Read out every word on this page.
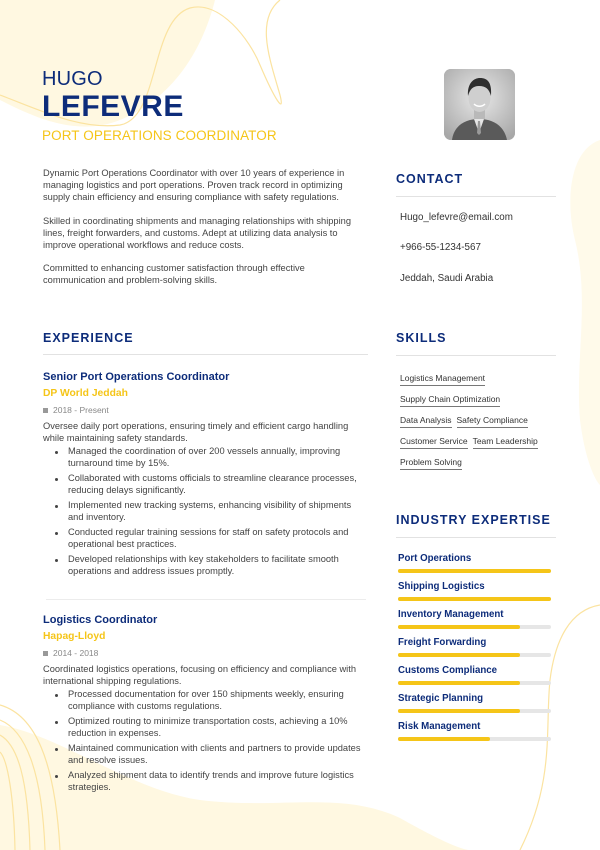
HUGO
LEFEVRE
PORT OPERATIONS COORDINATOR

Dynamic Port Operations Coordinator with over 10 years of experience in managing logistics and port operations. Proven track record in optimizing supply chain efficiency and ensuring compliance with safety regulations.

Skilled in coordinating shipments and managing relationships with shipping lines, freight forwarders, and customs. Adept at utilizing data analysis to improve operational workflows and reduce costs.

Committed to enhancing customer satisfaction through effective communication and problem-solving skills.

EXPERIENCE
Senior Port Operations Coordinator
DP World Jeddah
2018 - Present
Oversee daily port operations, ensuring timely and efficient cargo handling while maintaining safety standards.
Managed the coordination of over 200 vessels annually, improving turnaround time by 15%.
Collaborated with customs officials to streamline clearance processes, reducing delays significantly.
Implemented new tracking systems, enhancing visibility of shipments and inventory.
Conducted regular training sessions for staff on safety protocols and operational best practices.
Developed relationships with key stakeholders to facilitate smooth operations and address issues promptly.
Logistics Coordinator
Hapag-Lloyd
2014 - 2018
Coordinated logistics operations, focusing on efficiency and compliance with international shipping regulations.
Processed documentation for over 150 shipments weekly, ensuring compliance with customs regulations.
Optimized routing to minimize transportation costs, achieving a 10% reduction in expenses.
Maintained communication with clients and partners to provide updates and resolve issues.
Analyzed shipment data to identify trends and improve future logistics strategies.
CONTACT
Hugo_lefevre@email.com
+966-55-1234-567
Jeddah, Saudi Arabia
SKILLS
Logistics Management
Supply Chain Optimization
Data Analysis Safety Compliance
Customer Service Team Leadership
Problem Solving
INDUSTRY EXPERTISE
Port Operations
Shipping Logistics
Inventory Management
Freight Forwarding
Customs Compliance
Strategic Planning
Risk Management
